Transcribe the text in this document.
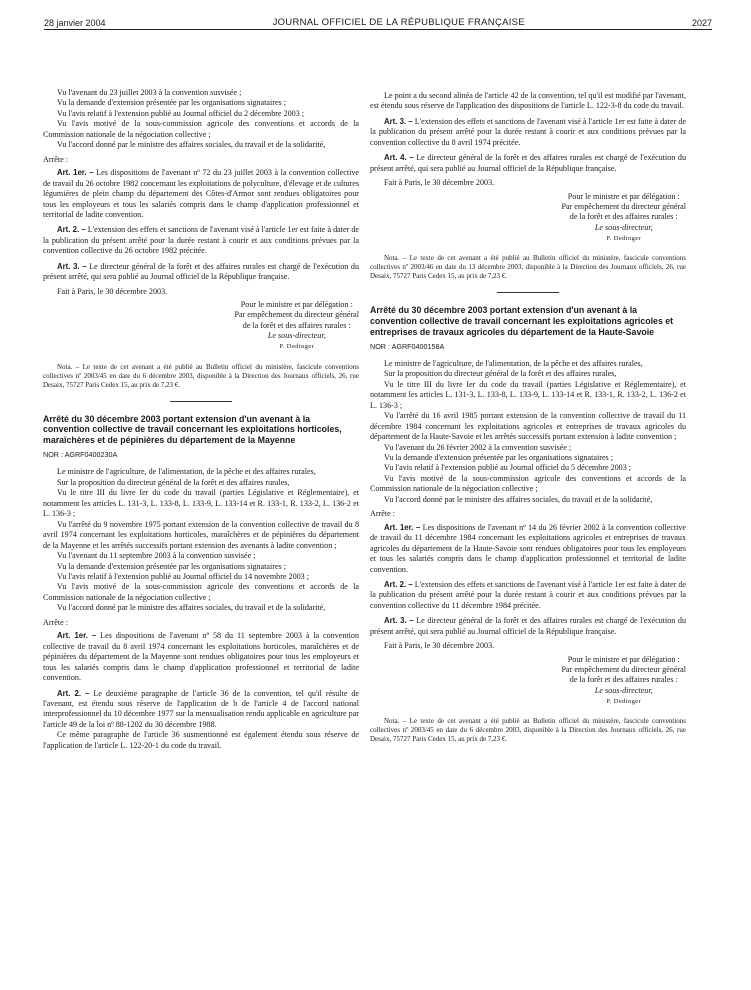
28 janvier 2004	JOURNAL OFFICIEL DE LA RÉPUBLIQUE FRANÇAISE	2027

Vu l'avenant du 23 juillet 2003 à la convention susvisée ;

Vu la demande d'extension présentée par les organisations signataires ;

Vu l'avis relatif à l'extension publié au Journal officiel du 2 décembre 2003 ;

Vu l'avis motivé de la sous-commission agricole des conventions et accords de la Commission nationale de la négociation collective ;

Vu l'accord donné par le ministre des affaires sociales, du travail et de la solidarité,

Arrête :

Art. 1er. – Les dispositions de l'avenant nº 72 du 23 juillet 2003 à la convention collective de travail du 26 octobre 1982 concernant les exploitations de polyculture, d'élevage et de cultures légumières de plein champ du département des Côtes-d'Armor sont rendues obligatoires pour tous les employeurs et tous les salariés compris dans le champ d'application professionnel et territorial de ladite convention.

Art. 2. – L'extension des effets et sanctions de l'avenant visé à l'article 1er est faite à dater de la publication du présent arrêté pour la durée restant à courir et aux conditions prévues par la convention collective du 26 octobre 1982 précitée.

Art. 3. – Le directeur général de la forêt et des affaires rurales est chargé de l'exécution du présent arrêté, qui sera publié au Journal officiel de la République française.

Fait à Paris, le 30 décembre 2003.

Pour le ministre et par délégation :
Par empêchement du directeur général
de la forêt et des affaires rurales :
Le sous-directeur,
P. Dedinger

Nota. – Le texte de cet avenant a été publié au Bulletin officiel du ministère, fascicule conventions collectives nº 2003/45 en date du 6 décembre 2003, disponible à la Direction des Journaux officiels, 26, rue Desaix, 75727 Paris Cedex 15, au prix de 7,23 €.

Arrêté du 30 décembre 2003 portant extension d'un avenant à la convention collective de travail concernant les exploitations horticoles, maraîchères et de pépinières du département de la Mayenne

NOR : AGRF0400230A

Le ministre de l'agriculture, de l'alimentation, de la pêche et des affaires rurales,

Sur la proposition du directeur général de la forêt et des affaires rurales,

Vu le titre III du livre Ier du code du travail (parties Législative et Réglementaire), et notamment les articles L. 131-3, L. 133-8, L. 133-9, L. 133-14 et R. 133-1, R. 133-2, L. 136-2 et L. 136-3 ;

Vu l'arrêté du 9 novembre 1975 portant extension de la convention collective de travail du 8 avril 1974 concernant les exploitations horticoles, maraîchères et de pépinières du département de la Mayenne et les arrêtés successifs portant extension des avenants à ladite convention ;

Vu l'avenant du 11 septembre 2003 à la convention susvisée ;

Vu la demande d'extension présentée par les organisations signataires ;

Vu l'avis relatif à l'extension publié au Journal officiel du 14 novembre 2003 ;

Vu l'avis motivé de la sous-commission agricole des conventions et accords de la Commission nationale de la négociation collective ;

Vu l'accord donné par le ministre des affaires sociales, du travail et de la solidarité,

Arrête :

Art. 1er. – Les dispositions de l'avenant nº 58 du 11 septembre 2003 à la convention collective de travail du 8 avril 1974 concernant les exploitations horticoles, maraîchères et de pépinières du département de la Mayenne sont rendues obligatoires pour tous les employeurs et tous les salariés compris dans le champ d'application professionnel et territorial de ladite convention.

Art. 2. – Le deuxième paragraphe de l'article 36 de la convention, tel qu'il résulte de l'avenant, est étendu sous réserve de l'application de b de l'article 4 de l'accord national interprofessionnel du 10 décembre 1977 sur la mensualisation rendu applicable en agriculture par l'article 49 de la loi nº 88-1202 du 30 décembre 1988.

Ce même paragraphe de l'article 36 susmentionné est également étendu sous réserve de l'application de l'article L. 122-20-1 du code du travail.

Le point a du second alinéa de l'article 42 de la convention, tel qu'il est modifié par l'avenant, est étendu sous réserve de l'application des dispositions de l'article L. 122-3-8 du code du travail.

Art. 3. – L'extension des effets et sanctions de l'avenant visé à l'article 1er est faite à dater de la publication du présent arrêté pour la durée restant à courir et aux conditions prévues par la convention collective du 8 avril 1974 précitée.

Art. 4. – Le directeur général de la forêt et des affaires rurales est chargé de l'exécution du présent arrêté, qui sera publié au Journal officiel de la République française.

Fait à Paris, le 30 décembre 2003.

Pour le ministre et par délégation :
Par empêchement du directeur général
de la forêt et des affaires rurales :
Le sous-directeur,
P. Dedinger

Nota. – Le texte de cet avenant a été publié au Bulletin officiel du ministère, fascicule conventions collectives nº 2003/46 en date du 13 décembre 2003, disponible à la Direction des Journaux officiels, 26, rue Desaix, 75727 Paris Cedex 15, au prix de 7,23 €.

Arrêté du 30 décembre 2003 portant extension d'un avenant à la convention collective de travail concernant les exploitations agricoles et entreprises de travaux agricoles du département de la Haute-Savoie

NOR : AGRF0400158A

Le ministre de l'agriculture, de l'alimentation, de la pêche et des affaires rurales,

Sur la proposition du directeur général de la forêt et des affaires rurales,

Vu le titre III du livre Ier du code du travail (parties Législative et Réglementaire), et notamment les articles L. 131-3, L. 133-8, L. 133-9, L. 133-14 et R. 133-1, R. 133-2, L. 136-2 et L. 136-3 ;

Vu l'arrêté du 16 avril 1985 portant extension de la convention collective de travail du 11 décembre 1984 concernant les exploitations agricoles et entreprises de travaux agricoles du département de la Haute-Savoie et les arrêtés successifs portant extension à ladite convention ;

Vu l'avenant du 26 février 2002 à la convention susvisée ;

Vu la demande d'extension présentée par les organisations signataires ;

Vu l'avis relatif à l'extension publié au Journal officiel du 5 décembre 2003 ;

Vu l'avis motivé de la sous-commission agricole des conventions et accords de la Commission nationale de la négociation collective ;

Vu l'accord donné par le ministre des affaires sociales, du travail et de la solidarité,

Arrête :

Art. 1er. – Les dispositions de l'avenant nº 14 du 26 février 2002 à la convention collective de travail du 11 décembre 1984 concernant les exploitations agricoles et entreprises de travaux agricoles du département de la Haute-Savoie sont rendues obligatoires pour tous les employeurs et tous les salariés compris dans le champ d'application professionnel et territorial de ladite convention.

Art. 2. – L'extension des effets et sanctions de l'avenant visé à l'article 1er est faite à dater de la publication du présent arrêté pour la durée restant à courir et aux conditions prévues par la convention collective du 11 décembre 1984 précitée.

Art. 3. – Le directeur général de la forêt et des affaires rurales est chargé de l'exécution du présent arrêté, qui sera publié au Journal officiel de la République française.

Fait à Paris, le 30 décembre 2003.

Pour le ministre et par délégation :
Par empêchement du directeur général
de la forêt et des affaires rurales :
Le sous-directeur,
P. Dedinger

Nota. – Le texte de cet avenant a été publié au Bulletin officiel du ministère, fascicule conventions collectives nº 2003/45 en date du 6 décembre 2003, disponible à la Direction des Journaux officiels, 26, rue Desaix, 75727 Paris Cedex 15, au prix de 7,23 €.
